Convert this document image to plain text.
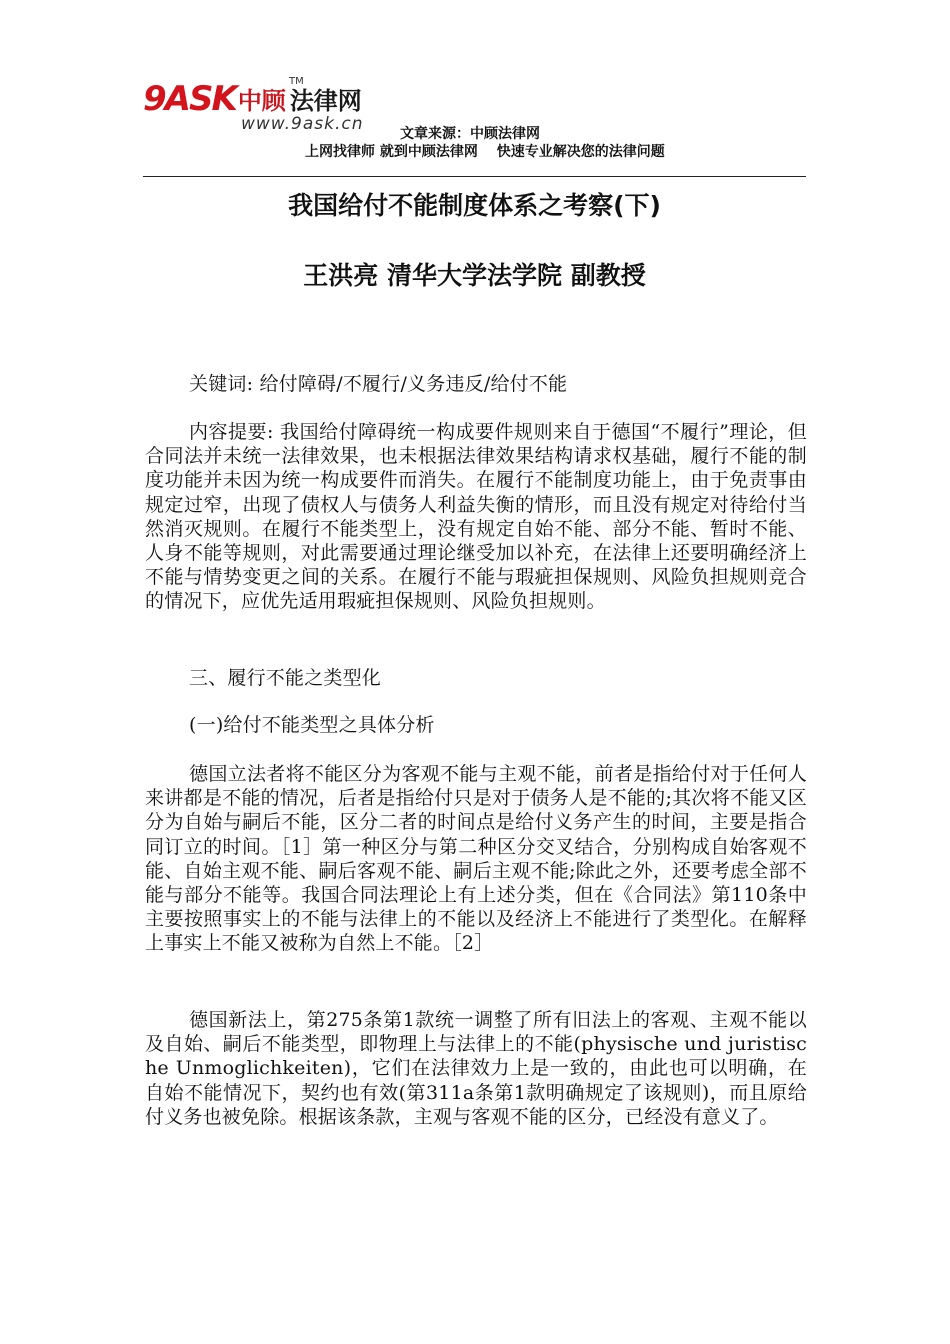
9ASK 中顾 法律网
TM
www.9ask.cn	文章来源：中顾法律网
上网找律师 就到中顾法律网　 快速专业解决您的法律问题
我国给付不能制度体系之考察(下)
王洪亮 清华大学法学院 副教授

关键词: 给付障碍/不履行/义务违反/给付不能

内容提要: 我国给付障碍统一构成要件规则来自于德国“不履行”理论，但合同法并未统一法律效果，也未根据法律效果结构请求权基础，履行不能的制度功能并未因为统一构成要件而消失。在履行不能制度功能上，由于免责事由规定过窄，出现了债权人与债务人利益失衡的情形，而且没有规定对待给付当然消灭规则。在履行不能类型上，没有规定自始不能、部分不能、暂时不能、人身不能等规则，对此需要通过理论继受加以补充，在法律上还要明确经济上不能与情势变更之间的关系。在履行不能与瑕疵担保规则、风险负担规则竞合的情况下，应优先适用瑕疵担保规则、风险负担规则。

三、履行不能之类型化

(一)给付不能类型之具体分析

德国立法者将不能区分为客观不能与主观不能，前者是指给付对于任何人来讲都是不能的情况，后者是指给付只是对于债务人是不能的;其次将不能又区分为自始与嗣后不能，区分二者的时间点是给付义务产生的时间，主要是指合同订立的时间。［1］第一种区分与第二种区分交叉结合，分别构成自始客观不能、自始主观不能、嗣后客观不能、嗣后主观不能;除此之外，还要考虑全部不能与部分不能等。我国合同法理论上有上述分类，但在《合同法》第110条中主要按照事实上的不能与法律上的不能以及经济上不能进行了类型化。在解释上事实上不能又被称为自然上不能。［2］

德国新法上，第275条第1款统一调整了所有旧法上的客观、主观不能以及自始、嗣后不能类型，即物理上与法律上的不能(physische und juristische Unmoglichkeiten)，它们在法律效力上是一致的，由此也可以明确，在自始不能情况下，契约也有效(第311a条第1款明确规定了该规则)，而且原给付义务也被免除。根据该条款，主观与客观不能的区分，已经没有意义了。
